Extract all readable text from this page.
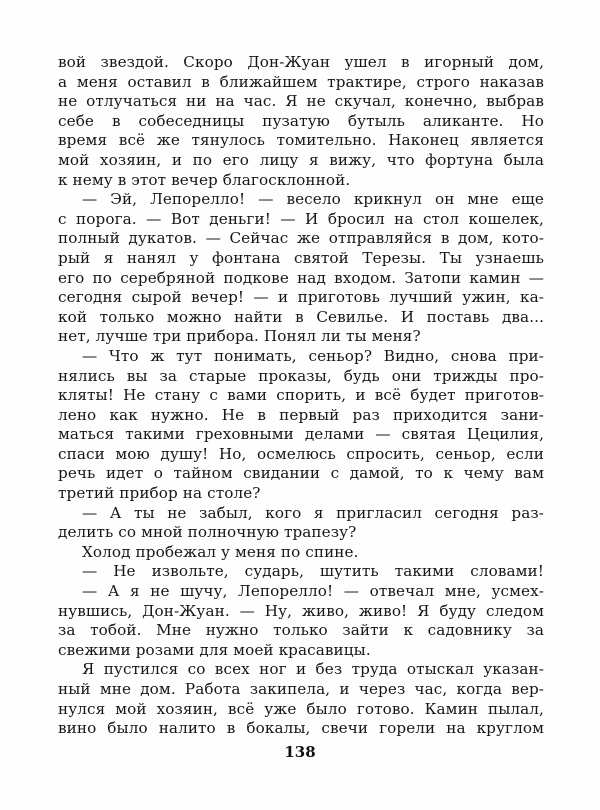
вой звездой. Скоро Дон-Жуан ушел в игорный дом,
а меня оставил в ближайшем трактире, строго наказав
не отлучаться ни на час. Я не скучал, конечно, выбрав
себе в собеседницы пузатую бутыль аликанте. Но
время всё же тянулось томительно. Наконец является
мой хозяин, и по его лицу я вижу, что фортуна была
к нему в этот вечер благосклонной.
— Эй, Лепорелло! — весело крикнул он мне еще
с порога. — Вот деньги! — И бросил на стол кошелек,
полный дукатов. — Сейчас же отправляйся в дом, кото-
рый я нанял у фонтана святой Терезы. Ты узнаешь
его по серебряной подкове над входом. Затопи камин —
сегодня сырой вечер! — и приготовь лучший ужин, ка-
кой только можно найти в Севилье. И поставь два...
нет, лучше три прибора. Понял ли ты меня?
— Что ж тут понимать, сеньор? Видно, снова при-
нялись вы за старые проказы, будь они трижды про-
кляты! Не стану с вами спорить, и всё будет приготов-
лено как нужно. Не в первый раз приходится зани-
маться такими греховными делами — святая Цецилия,
спаси мою душу! Но, осмелюсь спросить, сеньор, если
речь идет о тайном свидании с дамой, то к чему вам
третий прибор на столе?
— А ты не забыл, кого я пригласил сегодня раз-
делить со мной полночную трапезу?
Холод пробежал у меня по спине.
— Не извольте, сударь, шутить такими словами!
— А я не шучу, Лепорелло! — отвечал мне, усмех-
нувшись, Дон-Жуан. — Ну, живо, живо! Я буду следом
за тобой. Мне нужно только зайти к садовнику за
свежими розами для моей красавицы.
Я пустился со всех ног и без труда отыскал указан-
ный мне дом. Работа закипела, и через час, когда вер-
нулся мой хозяин, всё уже было готово. Камин пылал,
вино было налито в бокалы, свечи горели на круглом
138
